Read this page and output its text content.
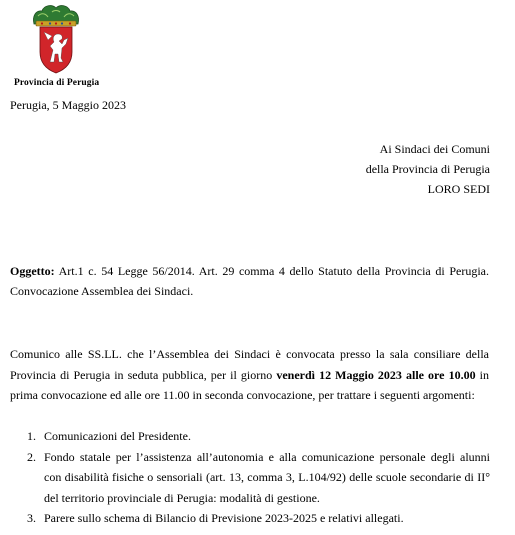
Provincia di Perugia
Perugia, 5 Maggio 2023
Ai Sindaci dei Comuni
della Provincia di Perugia
LORO SEDI
Oggetto: Art.1 c. 54 Legge 56/2014. Art. 29 comma 4 dello Statuto della Provincia di Perugia.
Convocazione Assemblea dei Sindaci.
Comunico alle SS.LL. che l’Assemblea dei Sindaci è convocata presso la sala consiliare della
Provincia di Perugia in seduta pubblica, per il giorno venerdì 12 Maggio 2023 alle ore 10.00 in
prima convocazione ed alle ore 11.00 in seconda convocazione, per trattare i seguenti argomenti:
1. Comunicazioni del Presidente.
2. Fondo statale per l’assistenza all’autonomia e alla comunicazione personale degli alunni
con disabilità fisiche o sensoriali (art. 13, comma 3, L.104/92) delle scuole secondarie di II°
del territorio provinciale di Perugia: modalità di gestione.
3. Parere sullo schema di Bilancio di Previsione 2023-2025 e relativi allegati.
